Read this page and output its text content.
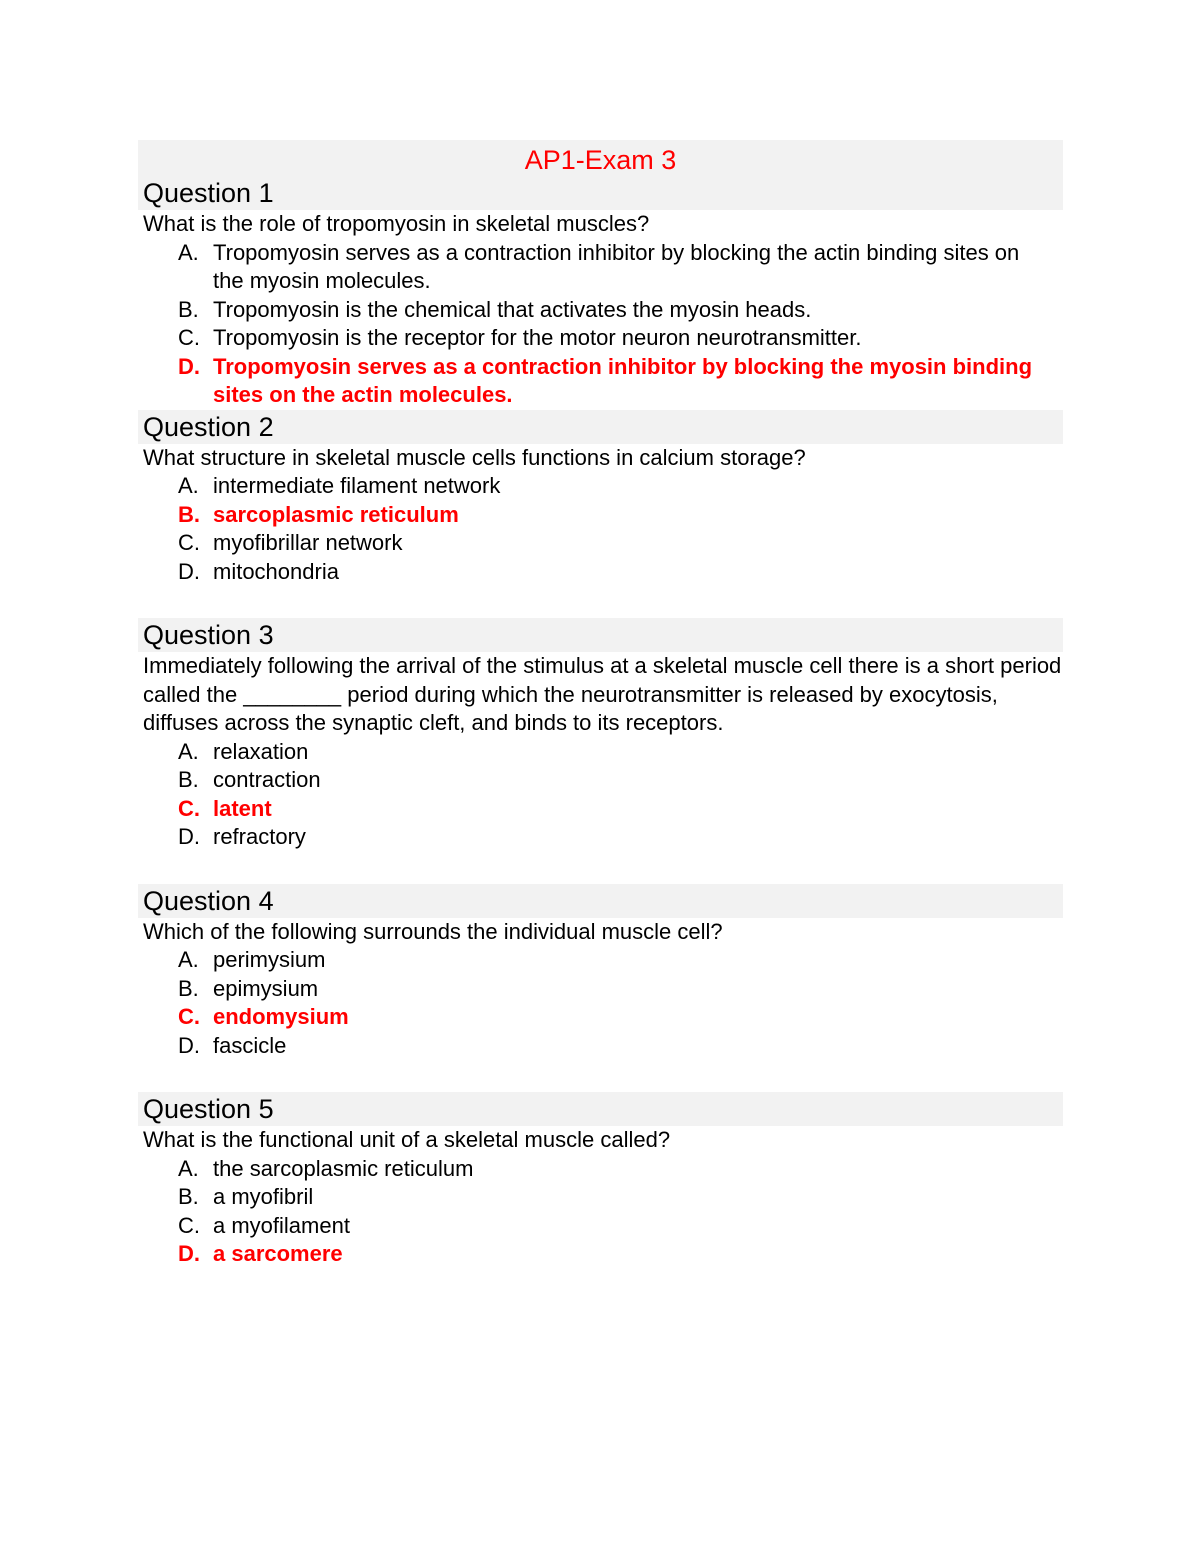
AP1-Exam 3
Question 1

What is the role of tropomyosin in skeletal muscles?

A. Tropomyosin serves as a contraction inhibitor by blocking the actin binding sites on the myosin molecules.
B. Tropomyosin is the chemical that activates the myosin heads.
C. Tropomyosin is the receptor for the motor neuron neurotransmitter.
D. Tropomyosin serves as a contraction inhibitor by blocking the myosin binding sites on the actin molecules.
Question 2

What structure in skeletal muscle cells functions in calcium storage?

A. intermediate filament network
B. sarcoplasmic reticulum
C. myofibrillar network
D. mitochondria
Question 3

Immediately following the arrival of the stimulus at a skeletal muscle cell there is a short period called the ________ period during which the neurotransmitter is released by exocytosis, diffuses across the synaptic cleft, and binds to its receptors.

A. relaxation
B. contraction
C. latent
D. refractory
Question 4

Which of the following surrounds the individual muscle cell?

A. perimysium
B. epimysium
C. endomysium
D. fascicle
Question 5

What is the functional unit of a skeletal muscle called?

A. the sarcoplasmic reticulum
B. a myofibril
C. a myofilament
D. a sarcomere
